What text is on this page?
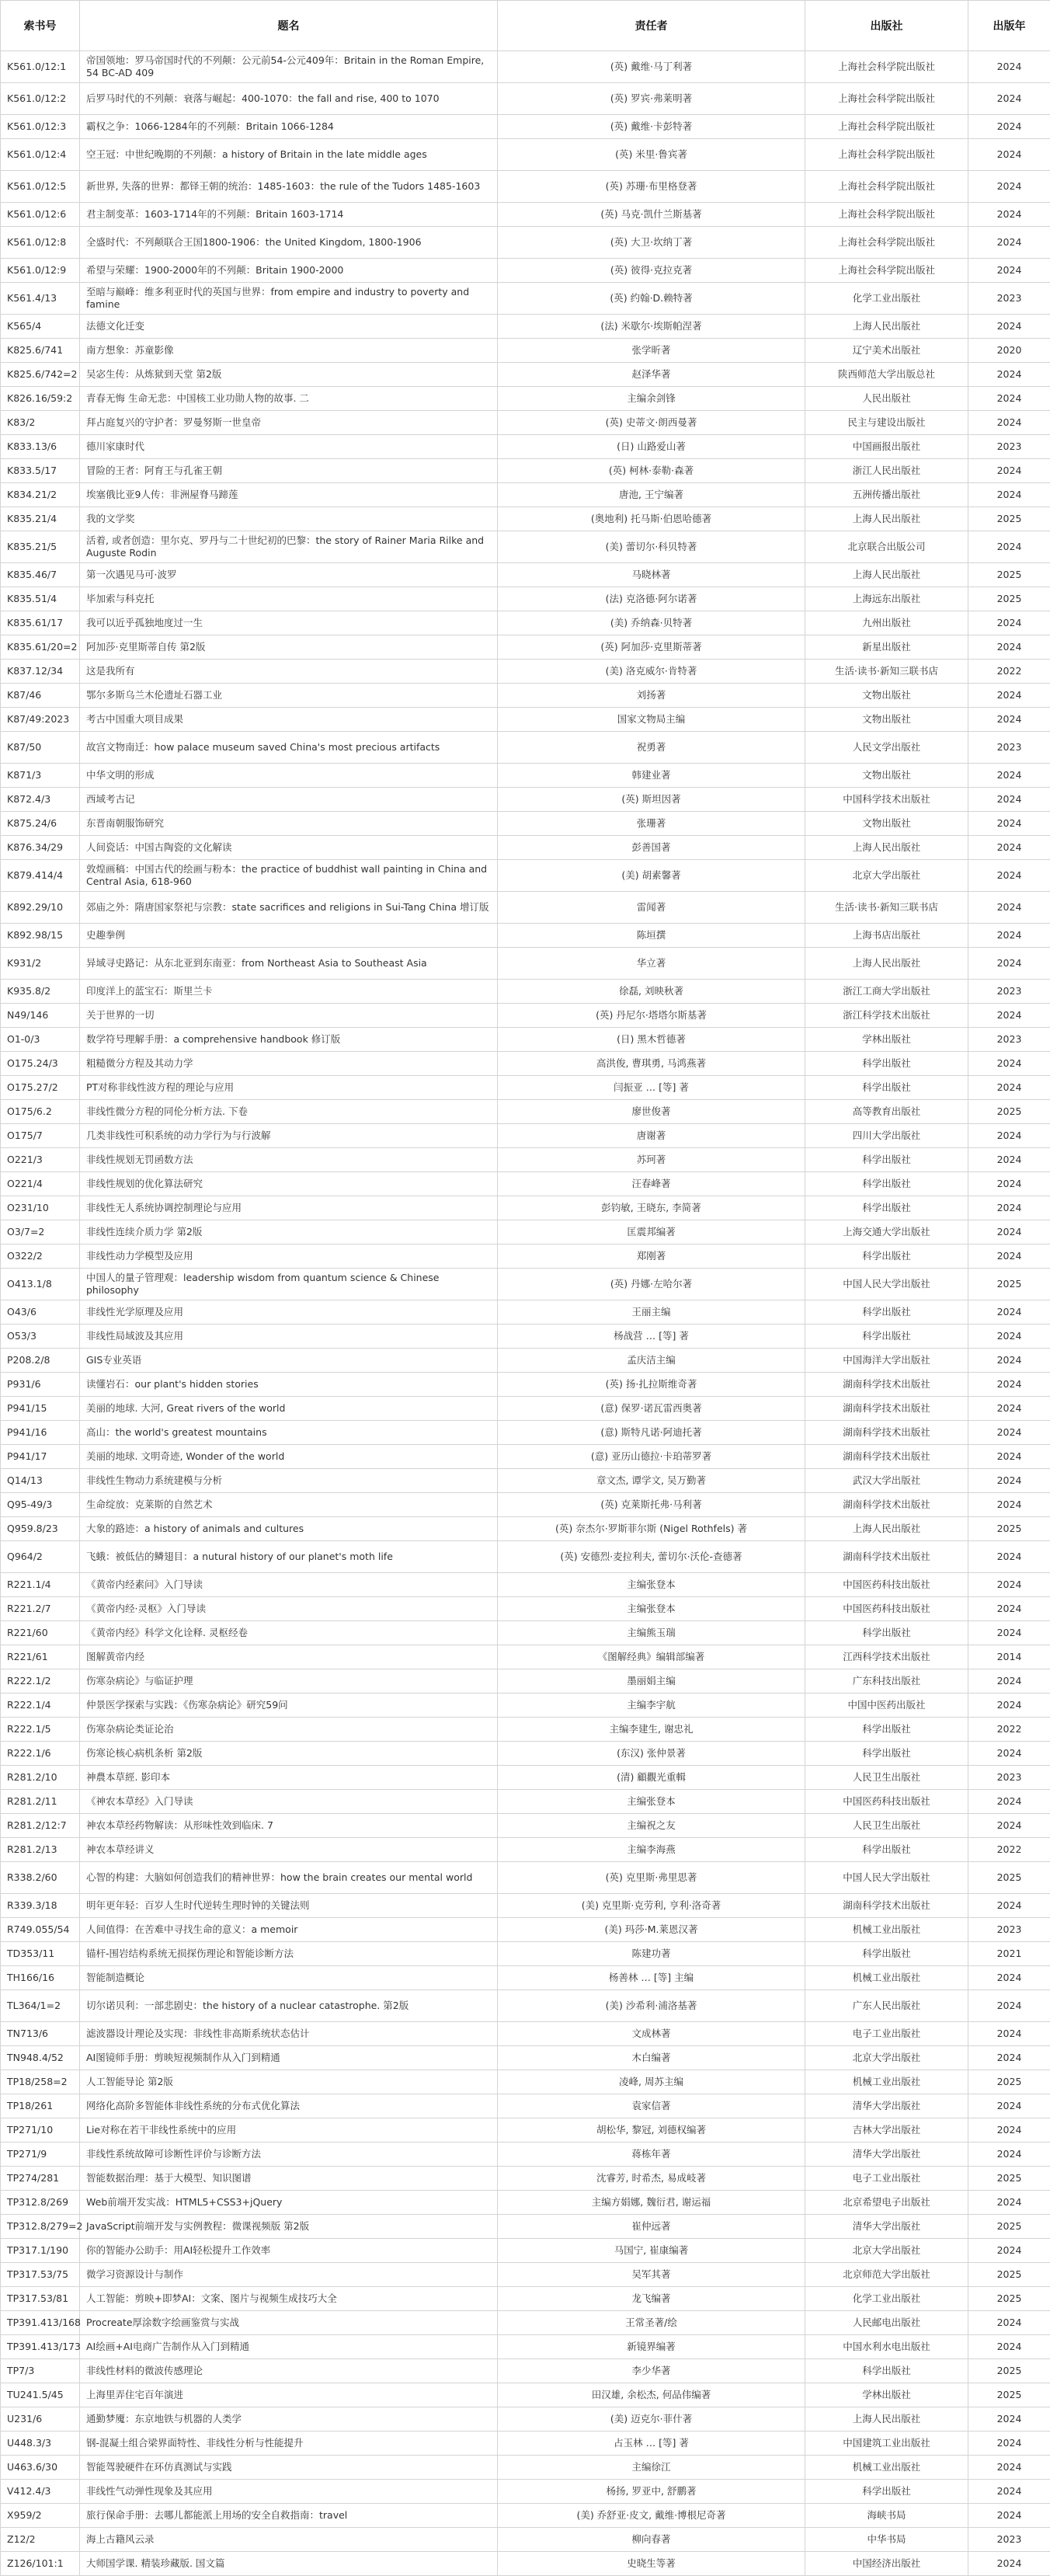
索书号	题名	责任者	出版社	出版年
K561.0/12:1	帝国领地：罗马帝国时代的不列颠：公元前54-公元409年：Britain in the Roman Empire, 54 BC-AD 409	(英) 戴维·马丁利著	上海社会科学院出版社	2024
K561.0/12:2	后罗马时代的不列颠：衰落与崛起：400-1070：the fall and rise, 400 to 1070	(英) 罗宾·弗莱明著	上海社会科学院出版社	2024
K561.0/12:3	霸权之争：1066-1284年的不列颠：Britain 1066-1284	(英) 戴维·卡彭特著	上海社会科学院出版社	2024
K561.0/12:4	空王冠：中世纪晚期的不列颠：a history of Britain in the late middle ages	(英) 米里·鲁宾著	上海社会科学院出版社	2024
K561.0/12:5	新世界, 失落的世界：都铎王朝的统治：1485-1603：the rule of the Tudors 1485-1603	(英) 苏珊·布里格登著	上海社会科学院出版社	2024
K561.0/12:6	君主制变革：1603-1714年的不列颠：Britain 1603-1714	(英) 马克·凯什兰斯基著	上海社会科学院出版社	2024
K561.0/12:8	全盛时代：不列颠联合王国1800-1906：the United Kingdom, 1800-1906	(英) 大卫·坎纳丁著	上海社会科学院出版社	2024
K561.0/12:9	希望与荣耀：1900-2000年的不列颠：Britain 1900-2000	(英) 彼得·克拉克著	上海社会科学院出版社	2024
K561.4/13	至暗与巅峰：维多利亚时代的英国与世界：from empire and industry to poverty and famine	(英) 约翰·D.赖特著	化学工业出版社	2023
K565/4	法德文化迁变	(法) 米歇尔·埃斯帕涅著	上海人民出版社	2024
K825.6/741	南方想象：苏童影像	张学昕著	辽宁美术出版社	2020
K825.6/742=2	吴宓生传：从炼狱到天堂 第2版	赵泽华著	陕西师范大学出版总社	2024
K826.16/59:2	青春无悔 生命无悲：中国核工业功勋人物的故事. 二	主编余剑锋	人民出版社	2024
K83/2	拜占庭复兴的守护者：罗曼努斯一世皇帝	(英) 史蒂文·朗西曼著	民主与建设出版社	2024
K833.13/6	德川家康时代	(日) 山路爱山著	中国画报出版社	2023
K833.5/17	冒险的王者：阿育王与孔雀王朝	(英) 柯林·泰勒·森著	浙江人民出版社	2024
K834.21/2	埃塞俄比亚9人传：非洲屋脊马蹄莲	唐池, 王宁编著	五洲传播出版社	2024
K835.21/4	我的文学奖	(奥地利) 托马斯·伯恩哈德著	上海人民出版社	2025
K835.21/5	活着, 或者创造：里尔克、罗丹与二十世纪初的巴黎：the story of Rainer Maria Rilke and Auguste Rodin	(美) 蕾切尔·科贝特著	北京联合出版公司	2024
K835.46/7	第一次遇见马可·波罗	马晓林著	上海人民出版社	2025
K835.51/4	毕加索与科克托	(法) 克洛德·阿尔诺著	上海远东出版社	2025
K835.61/17	我可以近乎孤独地度过一生	(美) 乔纳森·贝特著	九州出版社	2024
K835.61/20=2	阿加莎·克里斯蒂自传 第2版	(英) 阿加莎·克里斯蒂著	新星出版社	2024
K837.12/34	这是我所有	(美) 洛克威尔·肯特著	生活·读书·新知三联书店	2022
K87/46	鄂尔多斯乌兰木伦遗址石器工业	刘扬著	文物出版社	2024
K87/49:2023	考古中国重大项目成果	国家文物局主编	文物出版社	2024
K87/50	故宫文物南迁：how palace museum saved China's most precious artifacts	祝勇著	人民文学出版社	2023
K871/3	中华文明的形成	韩建业著	文物出版社	2024
K872.4/3	西域考古记	(英) 斯坦因著	中国科学技术出版社	2024
K875.24/6	东晋南朝服饰研究	张珊著	文物出版社	2024
K876.34/29	人间瓷话：中国古陶瓷的文化解读	彭善国著	上海人民出版社	2024
K879.414/4	敦煌画稿：中国古代的绘画与粉本：the practice of buddhist wall painting in China and Central Asia, 618-960	(美) 胡素馨著	北京大学出版社	2024
K892.29/10	郊庙之外：隋唐国家祭祀与宗教：state sacrifices and religions in Sui-Tang China 增订版	雷闻著	生活·读书·新知三联书店	2024
K892.98/15	史趣拳例	陈垣撰	上海书店出版社	2024
K931/2	异域寻史路记：从东北亚到东南亚：from Northeast Asia to Southeast Asia	华立著	上海人民出版社	2024
K935.8/2	印度洋上的蓝宝石：斯里兰卡	徐磊, 刘映秋著	浙江工商大学出版社	2023
N49/146	关于世界的一切	(英) 丹尼尔·塔塔尔斯基著	浙江科学技术出版社	2024
O1-0/3	数学符号理解手册：a comprehensive handbook 修订版	(日) 黑木哲德著	学林出版社	2023
O175.24/3	粗糙微分方程及其动力学	高洪俊, 曹琪勇, 马鸿燕著	科学出版社	2024
O175.27/2	PT对称非线性波方程的理论与应用	闫振亚 … [等] 著	科学出版社	2024
O175/6.2	非线性微分方程的同伦分析方法. 下卷	廖世俊著	高等教育出版社	2025
O175/7	几类非线性可积系统的动力学行为与行波解	唐谢著	四川大学出版社	2024
O221/3	非线性规划无罚函数方法	苏珂著	科学出版社	2024
O221/4	非线性规划的优化算法研究	汪春峰著	科学出版社	2024
O231/10	非线性无人系统协调控制理论与应用	彭钧敏, 王晓东, 李简著	科学出版社	2024
O3/7=2	非线性连续介质力学 第2版	匡震邦编著	上海交通大学出版社	2024
O322/2	非线性动力学模型及应用	郑刚著	科学出版社	2024
O413.1/8	中国人的量子管理观：leadership wisdom from quantum science & Chinese philosophy	(英) 丹娜·左哈尔著	中国人民大学出版社	2025
O43/6	非线性光学原理及应用	王丽主编	科学出版社	2024
O53/3	非线性局域波及其应用	杨战营 … [等] 著	科学出版社	2024
P208.2/8	GIS专业英语	孟庆洁主编	中国海洋大学出版社	2024
P931/6	读懂岩石：our plant's hidden stories	(英) 扬·扎拉斯维奇著	湖南科学技术出版社	2024
P941/15	美丽的地球. 大河, Great rivers of the world	(意) 保罗·诺瓦雷西奥著	湖南科学技术出版社	2024
P941/16	高山：the world's greatest mountains	(意) 斯特凡诺·阿迪托著	湖南科学技术出版社	2024
P941/17	美丽的地球. 文明奇迹, Wonder of the world	(意) 亚历山德拉·卡珀蒂罗著	湖南科学技术出版社	2024
Q14/13	非线性生物动力系统建模与分析	章文杰, 谭学文, 吴万勤著	武汉大学出版社	2024
Q95-49/3	生命绽放：克莱斯的自然艺术	(英) 克莱斯托弗·马利著	湖南科学技术出版社	2024
Q959.8/23	大象的路迹：a history of animals and cultures	(英) 奈杰尔·罗斯菲尔斯 (Nigel Rothfels) 著	上海人民出版社	2025
Q964/2	飞蛾：被低估的鳞翅目：a nutural history of our planet's moth life	(英) 安德烈·麦拉利夫, 蕾切尔·沃伦-查德著	湖南科学技术出版社	2024
R221.1/4	《黄帝内经素问》入门导读	主编张登本	中国医药科技出版社	2024
R221.2/7	《黄帝内经·灵枢》入门导读	主编张登本	中国医药科技出版社	2024
R221/60	《黄帝内经》科学文化诠释. 灵枢经卷	主编熊玉瑞	科学出版社	2024
R221/61	图解黄帝内经	《图解经典》编辑部编著	江西科学技术出版社	2014
R222.1/2	伤寒杂病论》与临证护理	墨丽娟主编	广东科技出版社	2024
R222.1/4	仲景医学探索与实践：《伤寒杂病论》研究59问	主编李宇航	中国中医药出版社	2024
R222.1/5	伤寒杂病论类证论治	主编李建生, 谢忠礼	科学出版社	2022
R222.1/6	伤寒论核心病机条析 第2版	(东汉) 张仲景著	科学出版社	2024
R281.2/10	神農本草經. 影印本	(清) 顧觀光重輯	人民卫生出版社	2023
R281.2/11	《神农本草经》入门导读	主编张登本	中国医药科技出版社	2024
R281.2/12:7	神农本草经药物解读：从形味性效到临床. 7	主编祝之友	人民卫生出版社	2024
R281.2/13	神农本草经讲义	主编李海燕	科学出版社	2022
R338.2/60	心智的构建：大脑如何创造我们的精神世界：how the brain creates our mental world	(英) 克里斯·弗里思著	中国人民大学出版社	2025
R339.3/18	明年更年轻：百岁人生时代逆转生理时钟的关键法则	(美) 克里斯·克劳利, 亨利·洛奇著	湖南科学技术出版社	2024
R749.055/54	人间值得：在苦难中寻找生命的意义：a memoir	(美) 玛莎·M.莱恩汉著	机械工业出版社	2023
TD353/11	锚杆-围岩结构系统无损探伤理论和智能诊断方法	陈建功著	科学出版社	2021
TH166/16	智能制造概论	杨善林 … [等] 主编	机械工业出版社	2024
TL364/1=2	切尔诺贝利：一部悲剧史：the history of a nuclear catastrophe. 第2版	(美) 沙希利·浦洛基著	广东人民出版社	2024
TN713/6	滤波器设计理论及实现：非线性非高斯系统状态估计	文成林著	电子工业出版社	2024
TN948.4/52	AI图镜师手册：剪映短视频制作从入门到精通	木白编著	北京大学出版社	2024
TP18/258=2	人工智能导论 第2版	凌峰, 周苏主编	机械工业出版社	2025
TP18/261	网络化高阶多智能体非线性系统的分布式优化算法	袁家信著	清华大学出版社	2024
TP271/10	Lie对称在若干非线性系统中的应用	胡松华, 黎冠, 刘德权编著	吉林大学出版社	2024
TP271/9	非线性系统故障可诊断性评价与诊断方法	蒋栋年著	清华大学出版社	2024
TP274/281	智能数据治理：基于大模型、知识图谱	沈睿芳, 时希杰, 易成岐著	电子工业出版社	2025
TP312.8/269	Web前端开发实战：HTML5+CSS3+jQuery	主编方娟娜, 魏衍君, 谢运福	北京希望电子出版社	2024
TP312.8/279=2	JavaScript前端开发与实例教程：微课视频版 第2版	崔仲远著	清华大学出版社	2025
TP317.1/190	你的智能办公助手：用AI轻松提升工作效率	马国宁, 崔康编著	北京大学出版社	2024
TP317.53/75	微学习资源设计与制作	吴军其著	北京师范大学出版社	2025
TP317.53/81	人工智能：剪映+即梦AI：文案、图片与视频生成技巧大全	龙飞编著	化学工业出版社	2025
TP391.413/168	Procreate厚涂数字绘画鉴赏与实战	王常圣著/绘	人民邮电出版社	2024
TP391.413/173	AI绘画+AI电商广告制作从入门到精通	新镜界编著	中国水利水电出版社	2024
TP7/3	非线性材料的微波传感理论	李少华著	科学出版社	2025
TU241.5/45	上海里弄住宅百年演进	田汉雄, 余松杰, 何品伟编著	学林出版社	2025
U231/6	通勤梦魇：东京地铁与机器的人类学	(美) 迈克尔·菲什著	上海人民出版社	2024
U448.3/3	钢-混凝土组合梁界面特性、非线性分析与性能提升	占玉林 … [等] 著	中国建筑工业出版社	2024
U463.6/30	智能驾驶硬件在环仿真测试与实践	主编徐江	机械工业出版社	2024
V412.4/3	非线性气动弹性现象及其应用	杨扬, 罗亚中, 舒鹏著	科学出版社	2024
X959/2	旅行保命手册：去哪儿都能派上用场的安全自救指南：travel	(美) 乔舒亚·皮文, 戴维·博根尼奇著	海峡书局	2024
Z12/2	海上古籍风云录	柳向春著	中华书局	2023
Z126/101:1	大师国学课. 精装珍藏版. 国文篇	史晓生等著	中国经济出版社	2024
